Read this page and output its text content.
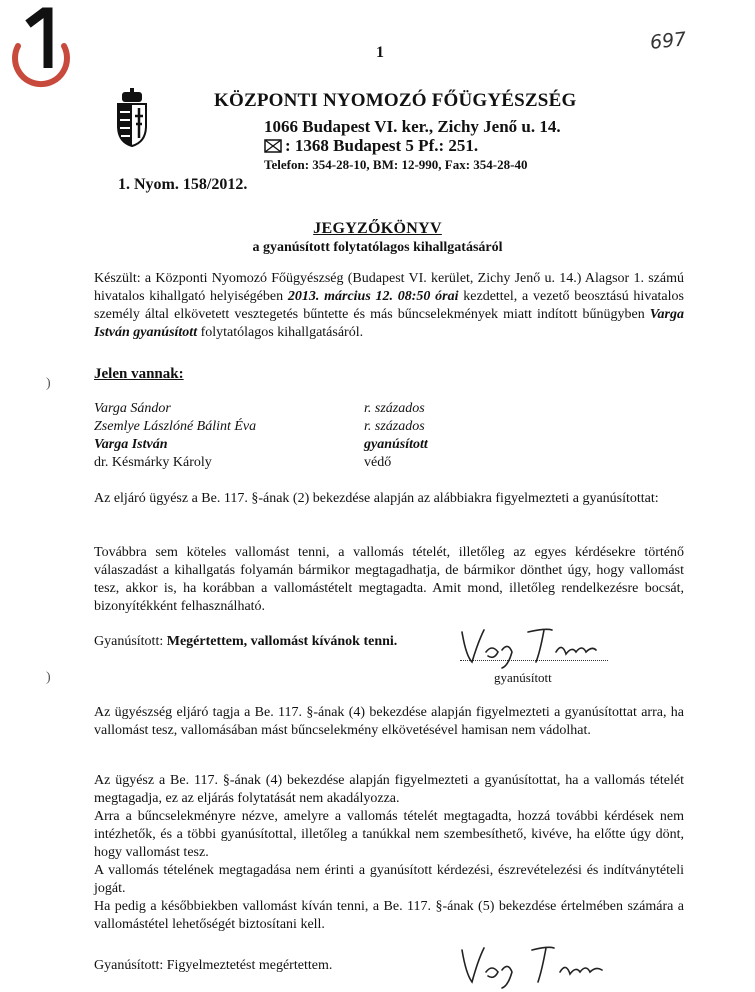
1	697
KÖZPONTI NYOMOZÓ FŐÜGYÉSZSÉG
1066 Budapest VI. ker., Zichy Jenő u. 14.
: 1368 Budapest 5 Pf.: 251.
Telefon: 354-28-10, BM: 12-990, Fax: 354-28-40
1. Nyom. 158/2012.
JEGYZŐKÖNYV
a gyanúsított folytatólagos kihallgatásáról
Készült: a Központi Nyomozó Főügyészség (Budapest VI. kerület, Zichy Jenő u. 14.) Alagsor 1. számú hivatalos kihallgató helyiségében 2013. március 12. 08:50 órai kezdettel, a vezető beosztású hivatalos személy által elkövetett vesztegetés bűntette és más bűncselekmények miatt indított bűnügyben Varga István gyanúsított folytatólagos kihallgatásáról.
)
Jelen vannak:
Varga Sándor	r. százados
Zsemlye Lászlóné Bálint Éva	r. százados
Varga István	gyanúsított
dr. Késmárky Károly	védő
Az eljáró ügyész a Be. 117. §-ának (2) bekezdése alapján az alábbiakra figyelmezteti a gyanúsítottat:
Továbbra sem köteles vallomást tenni, a vallomás tételét, illetőleg az egyes kérdésekre történő válaszadást a kihallgatás folyamán bármikor megtagadhatja, de bármikor dönthet úgy, hogy vallomást tesz, akkor is, ha korábban a vallomástételt megtagadta. Amit mond, illetőleg rendelkezésre bocsát, bizonyítékként felhasználható.
Gyanúsított: Megértettem, vallomást kívánok tenni.
gyanúsított
)
Az ügyészség eljáró tagja a Be. 117. §-ának (4) bekezdése alapján figyelmezteti a gyanúsítottat arra, ha vallomást tesz, vallomásában mást bűncselekmény elkövetésével hamisan nem vádolhat.
Az ügyész a Be. 117. §-ának (4) bekezdése alapján figyelmezteti a gyanúsítottat, ha a vallomás tételét megtagadja, ez az eljárás folytatását nem akadályozza.
Arra a bűncselekményre nézve, amelyre a vallomás tételét megtagadta, hozzá további kérdések nem intézhetők, és a többi gyanúsítottal, illetőleg a tanúkkal nem szembesíthető, kivéve, ha előtte úgy dönt, hogy vallomást tesz.
A vallomás tételének megtagadása nem érinti a gyanúsított kérdezési, észrevételezési és indítványtételi jogát.
Ha pedig a későbbiekben vallomást kíván tenni, a Be. 117. §-ának (5) bekezdése értelmében számára a vallomástétel lehetőségét biztosítani kell.
Gyanúsított: Figyelmeztetést megértettem.
